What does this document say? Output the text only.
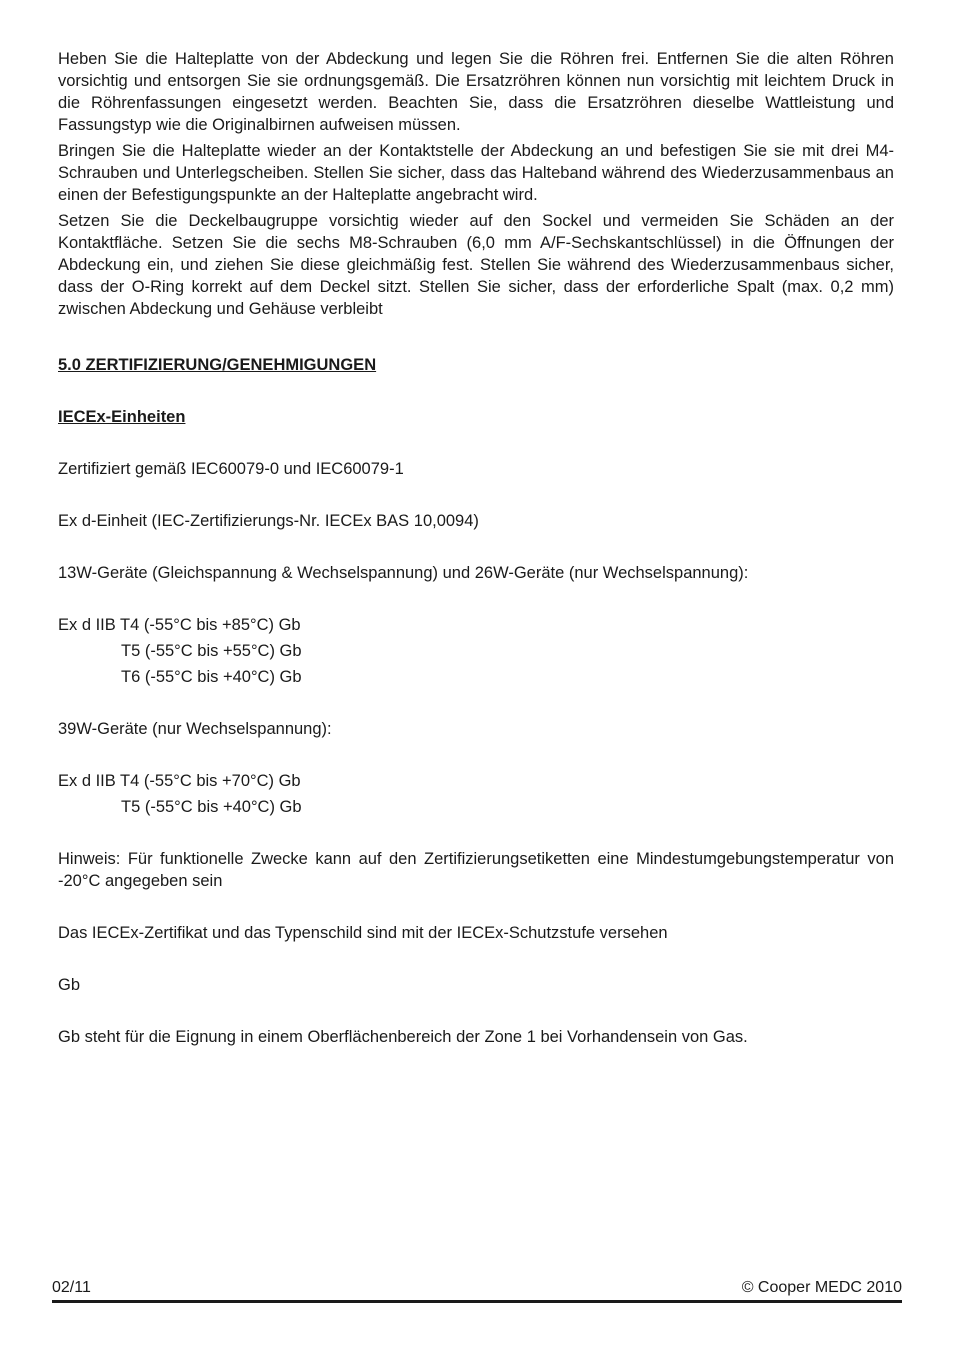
Heben Sie die Halteplatte von der Abdeckung und legen Sie die Röhren frei. Entfernen Sie die alten Röhren vorsichtig und entsorgen Sie sie ordnungsgemäß. Die Ersatzröhren können nun vorsichtig mit leichtem Druck in die Röhrenfassungen eingesetzt werden. Beachten Sie, dass die Ersatzröhren dieselbe Wattleistung und Fassungstyp wie die Originalbirnen aufweisen müssen.

Bringen Sie die Halteplatte wieder an der Kontaktstelle der Abdeckung an und befestigen Sie sie mit drei M4-Schrauben und Unterlegscheiben. Stellen Sie sicher, dass das Halteband während des Wiederzusammenbaus an einen der Befestigungspunkte an der Halteplatte angebracht wird.

Setzen Sie die Deckelbaugruppe vorsichtig wieder auf den Sockel und vermeiden Sie Schäden an der Kontaktfläche. Setzen Sie die sechs M8-Schrauben (6,0 mm A/F-Sechskantschlüssel) in die Öffnungen der Abdeckung ein, und ziehen Sie diese gleichmäßig fest. Stellen Sie während des Wiederzusammenbaus sicher, dass der O-Ring korrekt auf dem Deckel sitzt. Stellen Sie sicher, dass der erforderliche Spalt (max. 0,2 mm) zwischen Abdeckung und Gehäuse verbleibt

5.0 ZERTIFIZIERUNG/GENEHMIGUNGEN

IECEx-Einheiten

Zertifiziert gemäß IEC60079-0 und IEC60079-1

Ex d-Einheit (IEC-Zertifizierungs-Nr. IECEx BAS 10,0094)

13W-Geräte (Gleichspannung & Wechselspannung) und 26W-Geräte (nur Wechselspannung):

Ex d IIB T4 (-55°C bis +85°C) Gb

T5 (-55°C bis +55°C) Gb

T6 (-55°C bis +40°C) Gb

39W-Geräte (nur Wechselspannung):

Ex d IIB T4 (-55°C bis +70°C) Gb

T5 (-55°C bis +40°C) Gb

Hinweis: Für funktionelle Zwecke kann auf den Zertifizierungsetiketten eine Mindestumgebungstemperatur von -20°C angegeben sein

Das IECEx-Zertifikat und das Typenschild sind mit der IECEx-Schutzstufe versehen

Gb

Gb steht für die Eignung in einem Oberflächenbereich der Zone 1 bei Vorhandensein von Gas.

02/11	© Cooper MEDC 2010
